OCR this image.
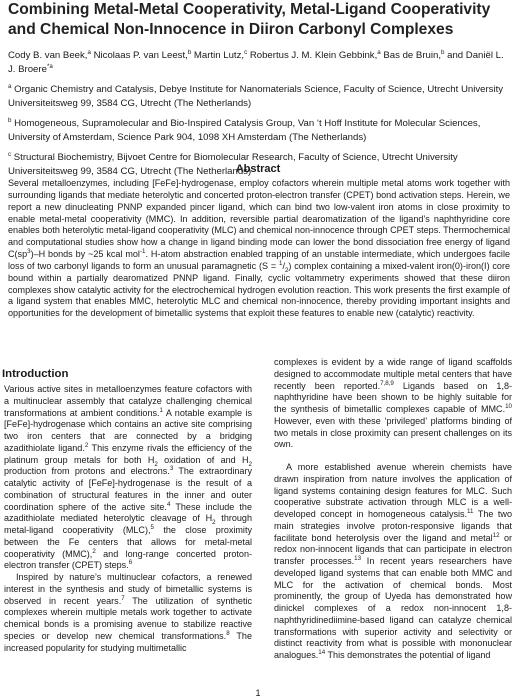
Combining Metal-Metal Cooperativity, Metal-Ligand Cooperativity and Chemical Non-Innocence in Diiron Carbonyl Complexes
Cody B. van Beek,$^a$ Nicolaas P. van Leest,$^b$ Martin Lutz,$^c$ Robertus J. M. Klein Gebbink,$^a$ Bas de Bruin,$^b$ and Daniël L. J. Broere$^{*a}$
$^a$ Organic Chemistry and Catalysis, Debye Institute for Nanomaterials Science, Faculty of Science, Utrecht University Universiteitsweg 99, 3584 CG, Utrecht (The Netherlands)
$^b$ Homogeneous, Supramolecular and Bio-Inspired Catalysis Group, Van ‘t Hoff Institute for Molecular Sciences, University of Amsterdam, Science Park 904, 1098 XH Amsterdam (The Netherlands)
$^c$ Structural Biochemistry, Bijvoet Centre for Biomolecular Research, Faculty of Science, Utrecht University Universiteitsweg 99, 3584 CG, Utrecht (The Netherlands)
Abstract
Several metalloenzymes, including [FeFe]-hydrogenase, employ cofactors wherein multiple metal atoms work together with surrounding ligands that mediate heterolytic and concerted proton-electron transfer (CPET) bond activation steps. Herein, we report a new dinucleating PNNP expanded pincer ligand, which can bind two low-valent iron atoms in close proximity to enable metal-metal cooperativity (MMC). In addition, reversible partial dearomatization of the ligand’s naphthyridine core enables both heterolytic metal-ligand cooperativity (MLC) and chemical non-innocence through CPET steps. Thermochemical and computational studies show how a change in ligand binding mode can lower the bond dissociation free energy of ligand $C(sp^3)-H$ bonds by ~25 kcal mol$^{-1}$. H-atom abstraction enabled trapping of an unstable intermediate, which undergoes facile loss of two carbonyl ligands to form an unusual paramagnetic $(S = ^1/_2)$ complex containing a mixed-valent iron(0)-iron(I) core bound within a partially dearomatized PNNP ligand. Finally, cyclic voltammetry experiments showed that these diiron complexes show catalytic activity for the electrochemical hydrogen evolution reaction. This work presents the first example of a ligand system that enables MMC, heterolytic MLC and chemical non-innocence, thereby providing important insights and opportunities for the development of bimetallic systems that exploit these features to enable new (catalytic) reactivity.
Introduction

Various active sites in metalloenzymes feature cofactors with a multinuclear assembly that catalyze challenging chemical transformations at ambient conditions.$^1$ A notable example is [FeFe]-hydrogenase which contains an active site comprising two iron centers that are connected by a bridging azadithiolate ligand.$^2$ This enzyme rivals the efficiency of the platinum group metals for both $H_2$ oxidation of and $H_2$ production from protons and electrons.$^3$ The extraordinary catalytic activity of [FeFe]-hydrogenase is the result of a combination of structural features in the inner and outer coordination sphere of the active site.$^4$ These include the azadithiolate mediated heterolytic cleavage of $H_2$ through metal-ligand cooperativity (MLC),$^5$ the close proximity between the Fe centers that allows for metal-metal cooperativity (MMC),$^2$ and long-range concerted proton-electron transfer (CPET) steps.$^6$

Inspired by nature’s multinuclear cofactors, a renewed interest in the synthesis and study of bimetallic systems is observed in recent years.$^7$ The utilization of synthetic complexes wherein multiple metals work together to activate chemical bonds is a promising avenue to stabilize reactive species or develop new chemical transformations.$^8$ The increased popularity for studying multimetallic

complexes is evident by a wide range of ligand scaffolds designed to accommodate multiple metal centers that have recently been reported.$^{7,8,9}$ Ligands based on 1,8-naphthyridine have been shown to be highly suitable for the synthesis of bimetallic complexes capable of MMC.$^{10}$ However, even with these ‘privileged’ platforms binding of two metals in close proximity can present challenges on its own.

A more established avenue wherein chemists have drawn inspiration from nature involves the application of ligand systems containing design features for MLC. Such cooperative substrate activation through MLC is a well-developed concept in homogeneous catalysis.$^{11}$ The two main strategies involve proton-responsive ligands that facilitate bond heterolysis over the ligand and metal$^{12}$ or redox non-innocent ligands that can participate in electron transfer processes.$^{13}$ In recent years researchers have developed ligand systems that can enable both MMC and MLC for the activation of chemical bonds. Most prominently, the group of Uyeda has demonstrated how dinickel complexes of a redox non-innocent 1,8-naphthyridinediimine-based ligand can catalyze chemical transformations with superior activity and selectivity or distinct reactivity from what is possible with mononuclear analogues.$^{14}$ This demonstrates the potential of ligand

1
